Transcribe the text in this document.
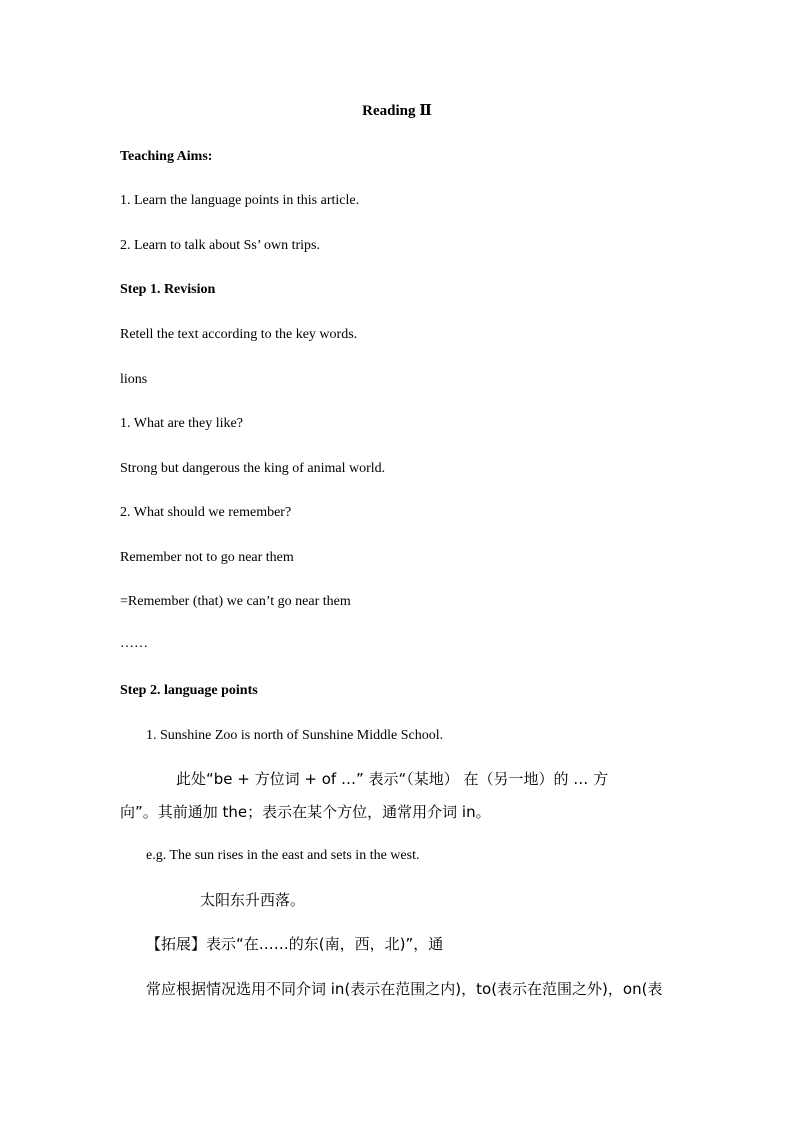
Reading Ⅱ
Teaching Aims:
1. Learn the language points in this article.
2. Learn to talk about Ss’ own trips.
Step 1. Revision
Retell the text according to the key words.
lions
1. What are they like?
Strong but dangerous the king of animal world.
2. What should we remember?
Remember not to go near them
=Remember (that) we can’t go near them
……
Step 2. language points
1. Sunshine Zoo is north of Sunshine Middle School.
此处“be + 方位词 + of …” 表示“（某地） 在（另一地）的 … 方
向”。其前通加 the；表示在某个方位，通常用介词 in。
e.g. The sun rises in the east and sets in the west.
太阳东升西落。
【拓展】表示“在……的东(南，西，北)”，通
常应根据情况选用不同介词 in(表示在范围之内)，to(表示在范围之外)，on(表
